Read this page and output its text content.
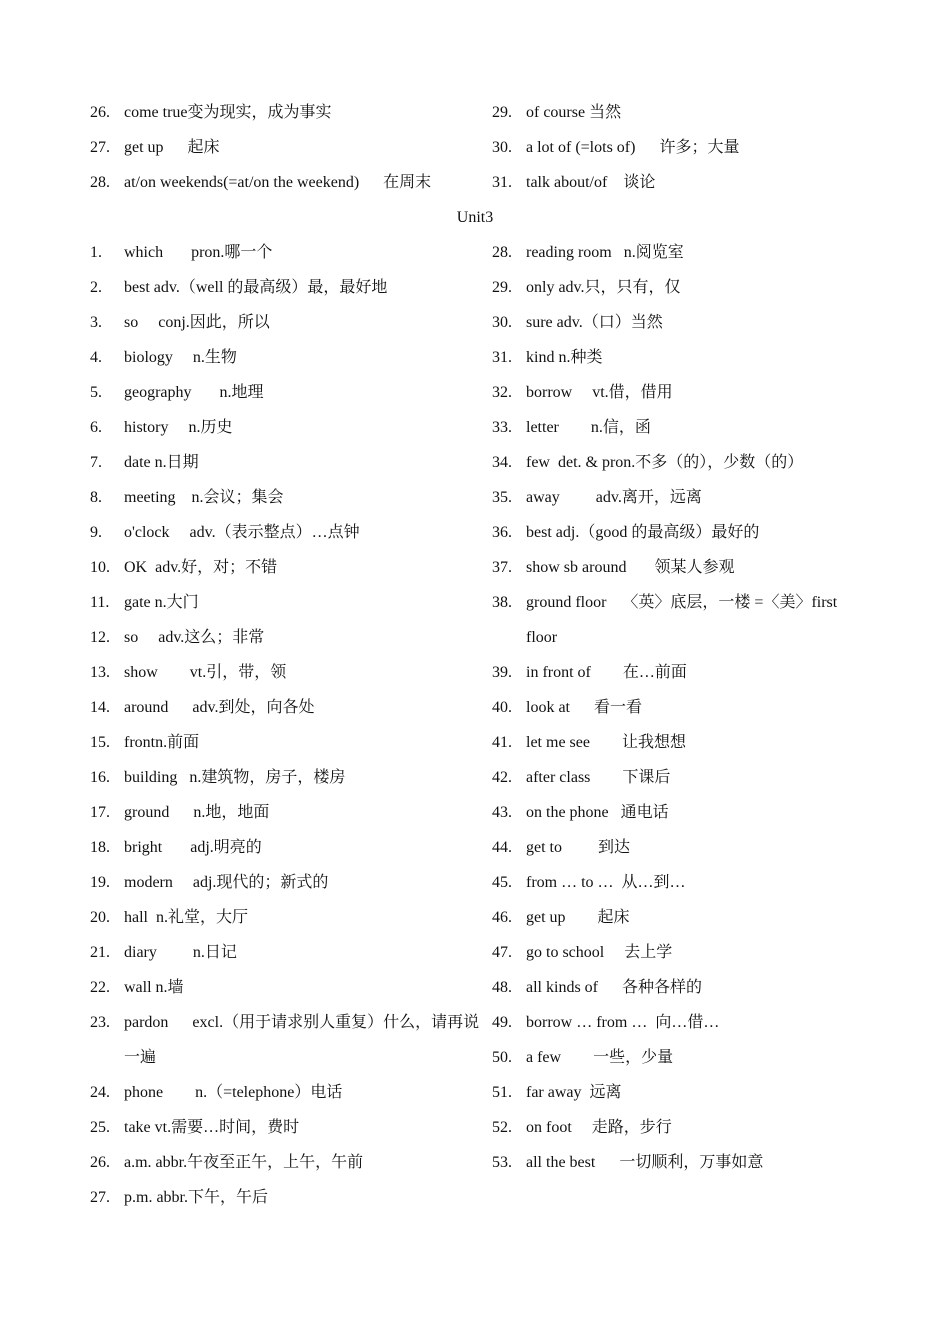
26. come true变为现实，成为事实
27. get up      起床
28. at/on weekends(=at/on the weekend)      在周末
29. of course 当然
30. a lot of (=lots of)      许多；大量
31. talk about/of    谈论
Unit3
1.	which       pron.哪一个
2.	best adv.（well 的最高级）最，最好地
3.	so     conj.因此，所以
4.	biology     n.生物
5.	geography       n.地理
6.	history     n.历史
7.	date n.日期
8.	meeting    n.会议；集会
9.	o'clock     adv.（表示整点）…点钟
10. OK  adv.好，对；不错
11. gate n.大门
12. so     adv.这么；非常
13. show        vt.引，带，领
14. around      adv.到处，向各处
15. frontn.前面
16. building   n.建筑物，房子，楼房
17. ground      n.地，地面
18. bright       adj.明亮的
19. modern     adj.现代的；新式的
20. hall  n.礼堂，大厅
21. diary         n.日记
22. wall n.墙
23. pardon      excl.（用于请求别人重复）什么，请再说一遍
24. phone        n.（=telephone）电话
25. take vt.需要…时间，费时
26. a.m. abbr.午夜至正午，上午，午前
27. p.m. abbr.下午，午后
28. reading room   n.阅览室
29. only adv.只，只有，仅
30. sure adv.（口）当然
31. kind n.种类
32. borrow     vt.借，借用
33. letter        n.信，函
34. few  det. & pron.不多（的），少数（的）
35. away         adv.离开，远离
36. best adj.（good 的最高级）最好的
37. show sb around       领某人参观
38. ground floor    〈英〉底层，一楼 =〈美〉first floor
39. in front of        在…前面
40. look at      看一看
41. let me see        让我想想
42. after class        下课后
43. on the phone   通电话
44. get to         到达
45. from … to …  从…到…
46. get up        起床
47. go to school     去上学
48. all kinds of      各种各样的
49. borrow … from …  向…借…
50. a few        一些，少量
51. far away  远离
52. on foot     走路，步行
53. all the best      一切顺利，万事如意
